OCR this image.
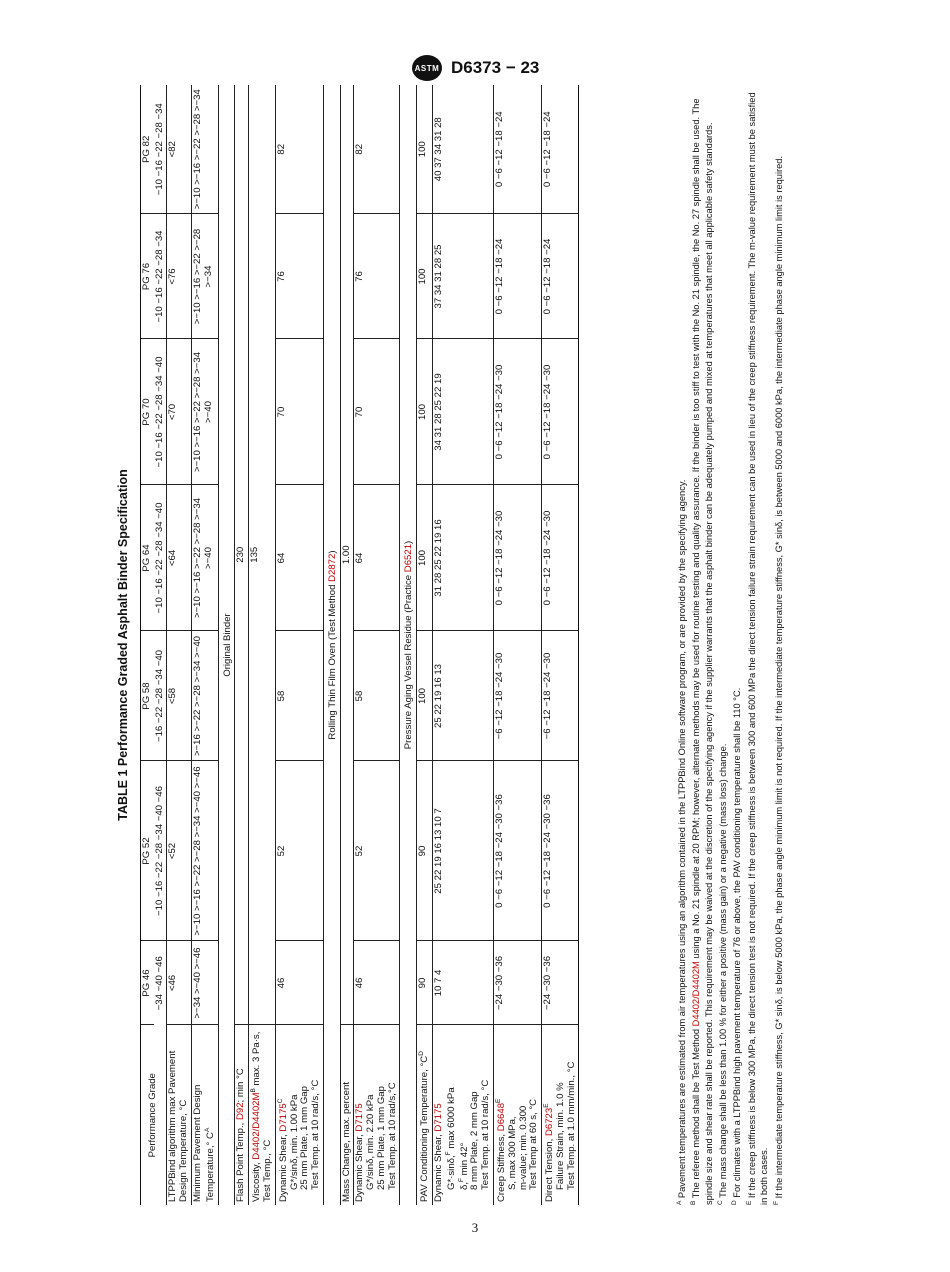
ASTM D6373 − 23
TABLE 1 Performance Graded Asphalt Binder Specification
Performance Grade	PG 46	PG 52	PG 58	PG 64	PG 70	PG 76	PG 82
	−34 −40 −46	−10 −16 −22 −28 −34 −40 −46	−16 −22 −28 −34 −40	−10 −16 −22 −28 −34 −40	−10 −16 −22 −28 −34 −40	−10 −16 −22 −28 −34	−10 −16 −22 −28 −34
LTPPBind algorithm max Pavement Design Temperature, °C	<46	<52	<58	<64	<70	<76	<82
Minimum Pavement Design Temperature,° $C^A$	>−34 >−40 >−46	>−10 >−16 >−22 >−28 >−34 >−40 >−46	>−16 >−22 >−28 >−34 >−40	>−10 >−16 >−22 >−28 >−34 >−40	>−10 >−16 >−22 >−28 >−34 >−40	>−10 >−16 >−22 >−28 >−34	>−10 >−16 >−22 >−28 >−34

Original Binder							
Flash Point Temp., D92; min °C	230						
Viscosity, $D4402/D4402M^B$ max. 3 Pa·s, Test Temp., °C	135						
Dynamic Shear, $D7175^C$ G*/sinδ, min. 1.00 kPa 25 mm Plate, 1 mm Gap Test Temp. at 10 rad/s, °C	46	52	58	64	70	76	82

Rolling Thin Film Oven (Test Method D2872)							
Mass Change, max. percent	1.00						
Dynamic Shear, D7175 G*/sinδ, min. 2.20 kPa 25 mm Plate, 1 mm Gap Test Temp. at 10 rad/s,°C	46	52	58	64	70	76	82

Pressure Aging Vessel Residue (Practice D6521)							
PAV Conditioning Temperature, $^\circ C^D$	90	90	100	100	100	100	100
Dynamic Shear, D7175
G*·sinδ,$^F$ max 6000 kPa
δ,$^F$ min 42° 8 mm Plate, 2 mm Gap Test Temp. at 10 rad/s, °C	10 7 4	25 22 19 16 13 10 7	25 22 19 16 13	31 28 25 22 19 16	34 31 28 25 22 19	37 34 31 28 25	40 37 34 31 28
Creep Stiffness, $D6648^E$
S, max 300 MPa, m-value; min. 0.300 Test Temp at 60 s, °C	−24 −30 −36	0 −6 −12 −18 −24 −30 −36	−6 −12 −18 −24 −30	0 −6 −12 −18 −24 −30	0 −6 −12 −18 −24 −30	0 −6 −12 −18 −24	0 −6 −12 −18 −24
Direct Tension, $D6723^E$ Failure Strain, min. 1.0 % Test Temp. at 1.0 mm/min., °C	−24 −30 −36	0 −6 −12 −18 −24 −30 −36	−6 −12 −18 −24 −30	0 −6 −12 −18 −24 −30	0 −6 −12 −18 −24 −30	0 −6 −12 −18 −24	0 −6 −12 −18 −24

$^A$ Pavement temperatures are estimated from air temperatures using an algorithm contained in the LTPPBind Online software program, or are provided by the specifying agency.

$^B$ The referee method shall be Test Method D4402/D4402M using a No. 21 spindle at 20 RPM; however, alternate methods may be used for routine testing and quality assurance. If the binder is too stiff to test with the No. 21 spindle, the No. 27 spindle shall be used. The spindle size and shear rate shall be reported. This requirement may be waived at the discretion of the specifying agency if the supplier warrants that the asphalt binder can be adequately pumped and mixed at temperatures that meet all applicable safety standards. $^C$ The mass change shall be less than 1.00 % for either a positive (mass gain) or a negative (mass loss) change.

$^D$ For climates with a LTPPBind high pavement temperature of 76 or above, the PAV conditioning temperature shall be 110 °C.

$^E$ If the creep stiffness is below 300 MPa, the direct tension test is not required. If the creep stiffness is between 300 and 600 MPa the direct tension failure strain requirement can be used in lieu of the creep stiffness requirement. The m-value requirement must be satisfied in both cases. $^F$ If the intermediate temperature stiffness, G* sinδ, is below 5000 kPa, the phase angle minimum limit is not required. If the intermediate temperature stiffness, G* sinδ, is between 5000 and 6000 kPa, the intermediate phase angle minimum limit is required.

3
